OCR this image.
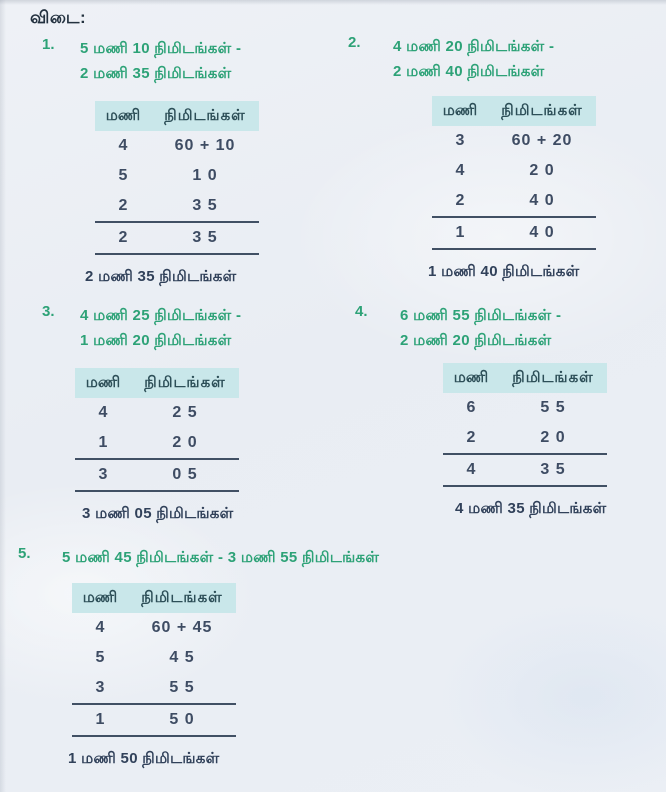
விடை:
1.	5 மணி 10 நிமிடங்கள் -
2 மணி 35 நிமிடங்கள்
மணி	நிமிடங்கள்
4	60 + 10
5	1 0
2	3 5
2	3 5
2 மணி 35 நிமிடங்கள்
2.	4 மணி 20 நிமிடங்கள் -
2 மணி 40 நிமிடங்கள்
மணி	நிமிடங்கள்
3	60 + 20
4	2 0
2	4 0
1	4 0
1 மணி 40 நிமிடங்கள்
3.	4 மணி 25 நிமிடங்கள் -
1 மணி 20 நிமிடங்கள்
மணி	நிமிடங்கள்
4	2 5
1	2 0
3	0 5
3 மணி 05 நிமிடங்கள்
4.	6 மணி 55 நிமிடங்கள் -
2 மணி 20 நிமிடங்கள்
மணி	நிமிடங்கள்
6	5 5
2	2 0
4	3 5
4 மணி 35 நிமிடங்கள்
5.	5 மணி 45 நிமிடங்கள் - 3 மணி 55 நிமிடங்கள்
மணி	நிமிடங்கள்
4	60 + 45
5	4 5
3	5 5
1	5 0
1 மணி 50 நிமிடங்கள்
